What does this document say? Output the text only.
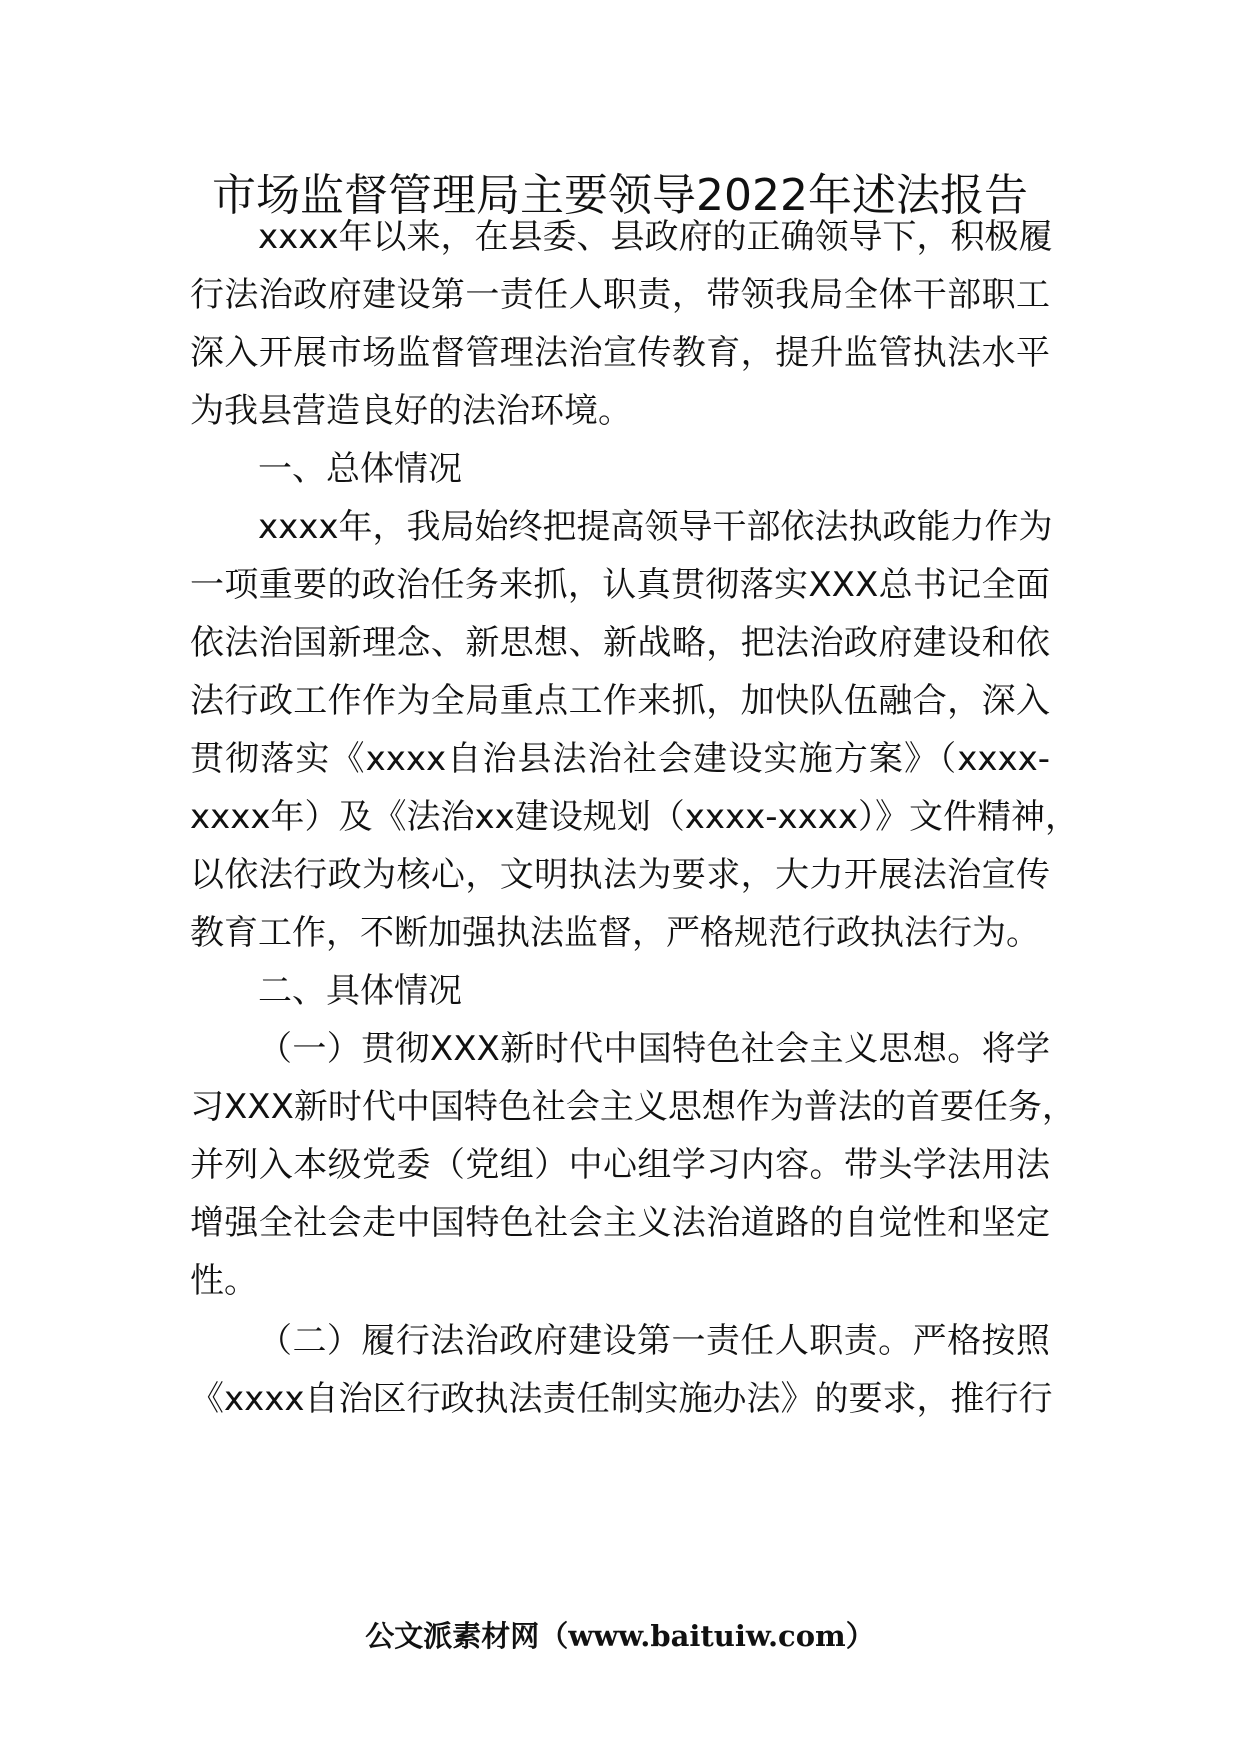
市场监督管理局主要领导2022年述法报告
xxxx年以来，在县委、县政府的正确领导下，积极履
行法治政府建设第一责任人职责，带领我局全体干部职工
深入开展市场监督管理法治宣传教育，提升监管执法水平
为我县营造良好的法治环境。
一、总体情况
xxxx年，我局始终把提高领导干部依法执政能力作为
一项重要的政治任务来抓，认真贯彻落实XXX总书记全面
依法治国新理念、新思想、新战略，把法治政府建设和依
法行政工作作为全局重点工作来抓，加快队伍融合，深入
贯彻落实《xxxx自治县法治社会建设实施方案》（xxxx-
xxxx年）及《法治xx建设规划（xxxx-xxxx）》文件精神，
以依法行政为核心，文明执法为要求，大力开展法治宣传
教育工作，不断加强执法监督，严格规范行政执法行为。
二、具体情况
（一）贯彻XXX新时代中国特色社会主义思想。将学
习XXX新时代中国特色社会主义思想作为普法的首要任务，
并列入本级党委（党组）中心组学习内容。带头学法用法
增强全社会走中国特色社会主义法治道路的自觉性和坚定
性。
（二）履行法治政府建设第一责任人职责。严格按照
《xxxx自治区行政执法责任制实施办法》的要求，推行行
公文派素材网（www.baituiw.com）
